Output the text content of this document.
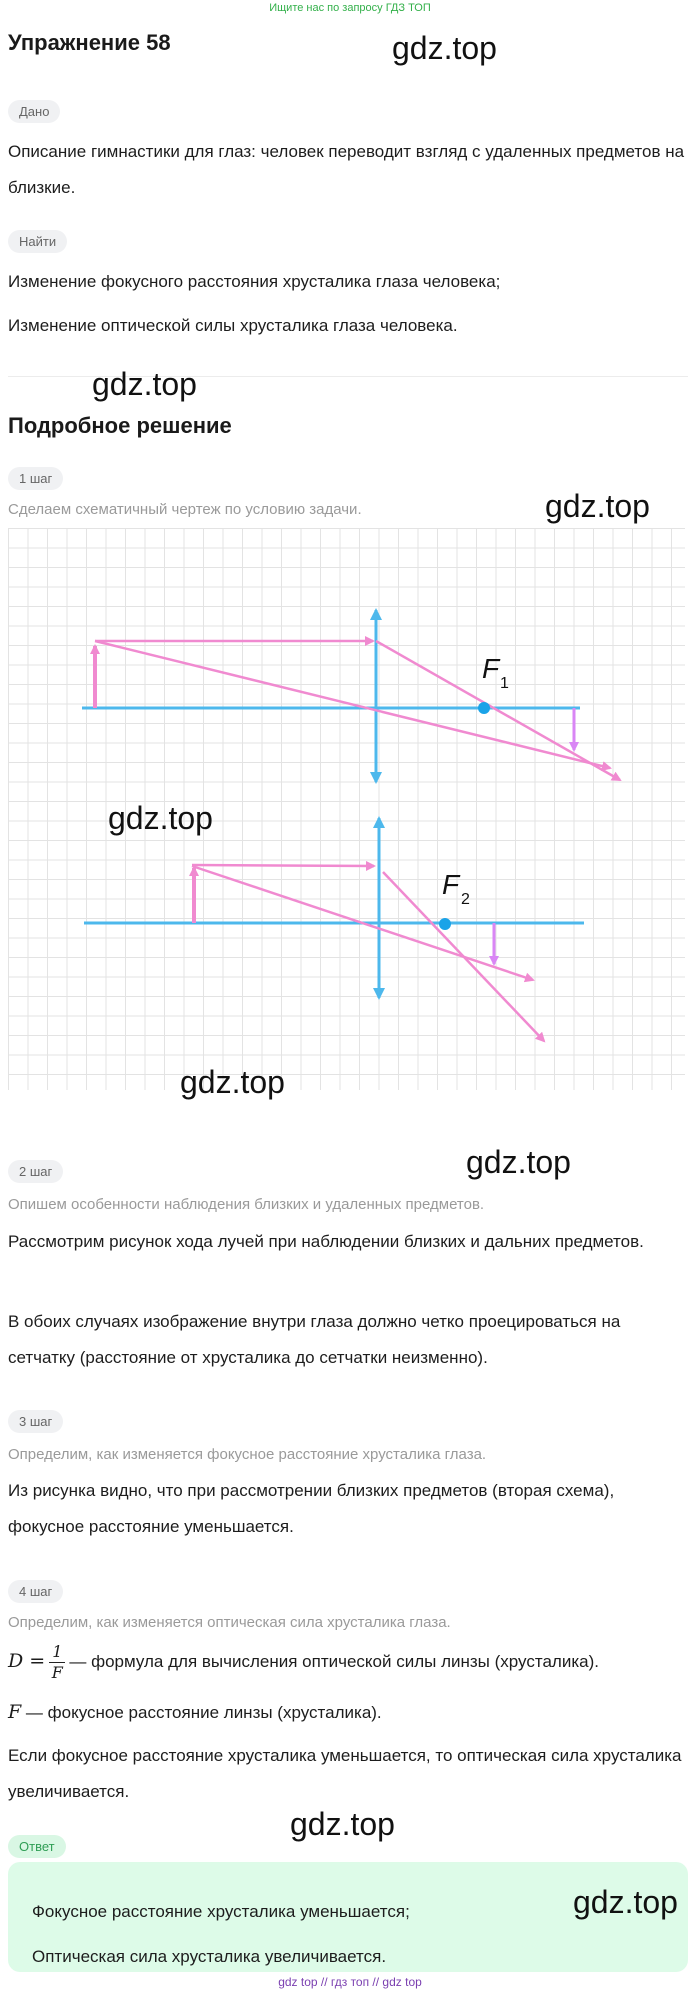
Ищите нас по запросу ГДЗ ТОП
Упражнение 58	gdz.top
Дано
Описание гимнастики для глаз: человек переводит взгляд с удаленных предметов на близкие.
Найти
Изменение фокусного расстояния хрусталика глаза человека;
Изменение оптической силы хрусталика глаза человека.
gdz.top
Подробное решение
1 шаг
Сделаем схематичный чертеж по условию задачи.	gdz.top
F 1
F 2
gdz.top
gdz.top
gdz.top
2 шаг
Опишем особенности наблюдения близких и удаленных предметов.
Рассмотрим рисунок хода лучей при наблюдении близких и дальних предметов.
В обоих случаях изображение внутри глаза должно четко проецироваться на сетчатку (расстояние от хрусталика до сетчатки неизменно).
3 шаг
Определим, как изменяется фокусное расстояние хрусталика глаза.
Из рисунка видно, что при рассмотрении близких предметов (вторая схема), фокусное расстояние уменьшается.
4 шаг
Определим, как изменяется оптическая сила хрусталика глаза.
$D = \frac{1}{F}$ — формула для вычисления оптической силы линзы (хрусталика).
F — фокусное расстояние линзы (хрусталика).
Если фокусное расстояние хрусталика уменьшается, то оптическая сила хрусталика увеличивается.
gdz.top
Ответ
Фокусное расстояние хрусталика уменьшается;
Оптическая сила хрусталика увеличивается.
gdz.top
gdz top // гдз топ // gdz top
